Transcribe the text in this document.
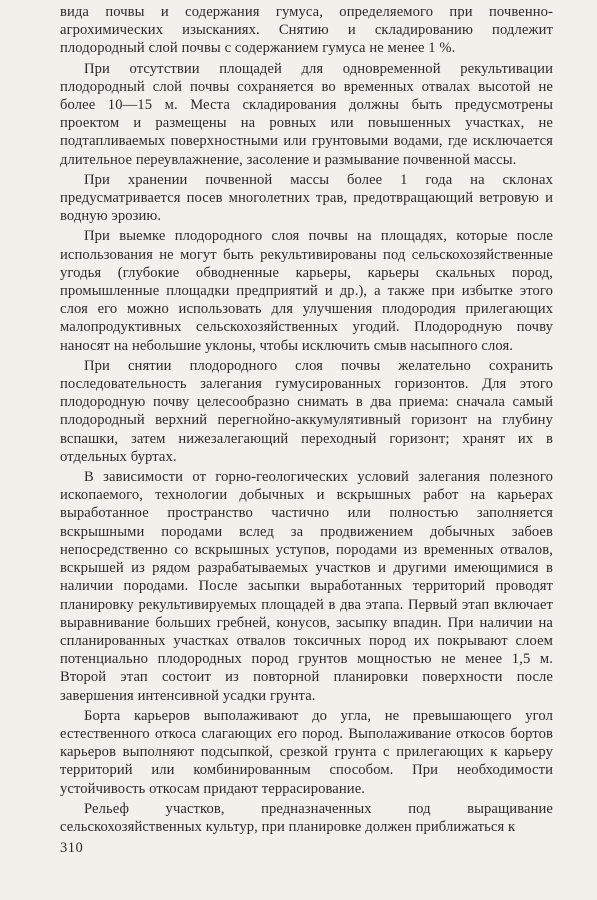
вида почвы и содержания гумуса, определяемого при почвенно-агрохимических изысканиях. Снятию и складированию подлежит плодородный слой почвы с содержанием гумуса не менее 1 %.

При отсутствии площадей для одновременной рекультивации плодородный слой почвы сохраняется во временных отвалах высотой не более 10—15 м. Места складирования должны быть предусмотрены проектом и размещены на ровных или повышенных участках, не подтапливаемых поверхностными или грунтовыми водами, где исключается длительное переувлажнение, засоление и размывание почвенной массы.

При хранении почвенной массы более 1 года на склонах предусматривается посев многолетних трав, предотвращающий ветровую и водную эрозию.

При выемке плодородного слоя почвы на площадях, которые после использования не могут быть рекультивированы под сельскохозяйственные угодья (глубокие обводненные карьеры, карьеры скальных пород, промышленные площадки предприятий и др.), а также при избытке этого слоя его можно использовать для улучшения плодородия прилегающих малопродуктивных сельскохозяйственных угодий. Плодородную почву наносят на небольшие уклоны, чтобы исключить смыв насыпного слоя.

При снятии плодородного слоя почвы желательно сохранить последовательность залегания гумусированных горизонтов. Для этого плодородную почву целесообразно снимать в два приема: сначала самый плодородный верхний перегнойно-аккумулятивный горизонт на глубину вспашки, затем нижезалегающий переходный горизонт; хранят их в отдельных буртах.

В зависимости от горно-геологических условий залегания полезного ископаемого, технологии добычных и вскрышных работ на карьерах выработанное пространство частично или полностью заполняется вскрышными породами вслед за продвижением добычных забоев непосредственно со вскрышных уступов, породами из временных отвалов, вскрышей из рядом разрабатываемых участков и другими имеющимися в наличии породами. После засыпки выработанных территорий проводят планировку рекультивируемых площадей в два этапа. Первый этап включает выравнивание больших гребней, конусов, засыпку впадин. При наличии на спланированных участках отвалов токсичных пород их покрывают слоем потенциально плодородных пород грунтов мощностью не менее 1,5 м. Второй этап состоит из повторной планировки поверхности после завершения интенсивной усадки грунта.

Борта карьеров выполаживают до угла, не превышающего угол естественного откоса слагающих его пород. Выполаживание откосов бортов карьеров выполняют подсыпкой, срезкой грунта с прилегающих к карьеру территорий или комбинированным способом. При необходимости устойчивость откосам придают террасирование.

Рельеф участков, предназначенных под выращивание сельскохозяйственных культур, при планировке должен приближаться к

310
